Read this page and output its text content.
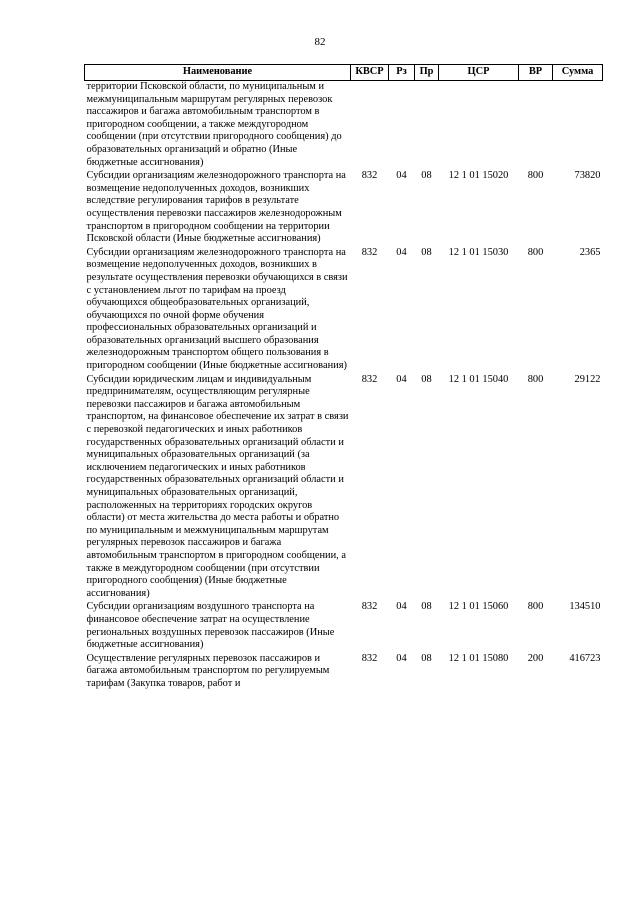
82
Наименование	КВСР	Рз	Пр	ЦСР	ВР	Сумма
территории Псковской области, по муниципальным и межмуниципальным маршрутам регулярных перевозок пассажиров и багажа автомобильным транспортом в пригородном сообщении, а также междугородном сообщении (при отсутствии пригородного сообщения) до образовательных организаций и обратно (Иные бюджетные ассигнования)						
Субсидии организациям железнодорожного транспорта на возмещение недополученных доходов, возникших вследствие регулирования тарифов в результате осуществления перевозки пассажиров железнодорожным транспортом в пригородном сообщении на территории Псковской области (Иные бюджетные ассигнования)	832	04	08	12 1 01 15020	800	73820
Субсидии организациям железнодорожного транспорта на возмещение недополученных доходов, возникших в результате осуществления перевозки обучающихся в связи с установлением льгот по тарифам на проезд обучающихся общеобразовательных организаций, обучающихся по очной форме обучения профессиональных образовательных организаций и образовательных организаций высшего образования железнодорожным транспортом общего пользования в пригородном сообщении (Иные бюджетные ассигнования)	832	04	08	12 1 01 15030	800	2365
Субсидии юридическим лицам и индивидуальным предпринимателям, осуществляющим регулярные перевозки пассажиров и багажа автомобильным транспортом, на финансовое обеспечение их затрат в связи с перевозкой педагогических и иных работников государственных образовательных организаций области и муниципальных образовательных организаций (за исключением педагогических и иных работников государственных образовательных организаций области и муниципальных образовательных организаций, расположенных на территориях городских округов области) от места жительства до места работы и обратно по муниципальным и межмуниципальным маршрутам регулярных перевозок пассажиров и багажа автомобильным транспортом в пригородном сообщении, а также в междугородном сообщении (при отсутствии пригородного сообщения) (Иные бюджетные ассигнования)	832	04	08	12 1 01 15040	800	29122
Субсидии организациям воздушного транспорта на финансовое обеспечение затрат на осуществление региональных воздушных перевозок пассажиров (Иные бюджетные ассигнования)	832	04	08	12 1 01 15060	800	134510
Осуществление регулярных перевозок пассажиров и багажа автомобильным транспортом по регулируемым тарифам (Закупка товаров, работ и	832	04	08	12 1 01 15080	200	416723
